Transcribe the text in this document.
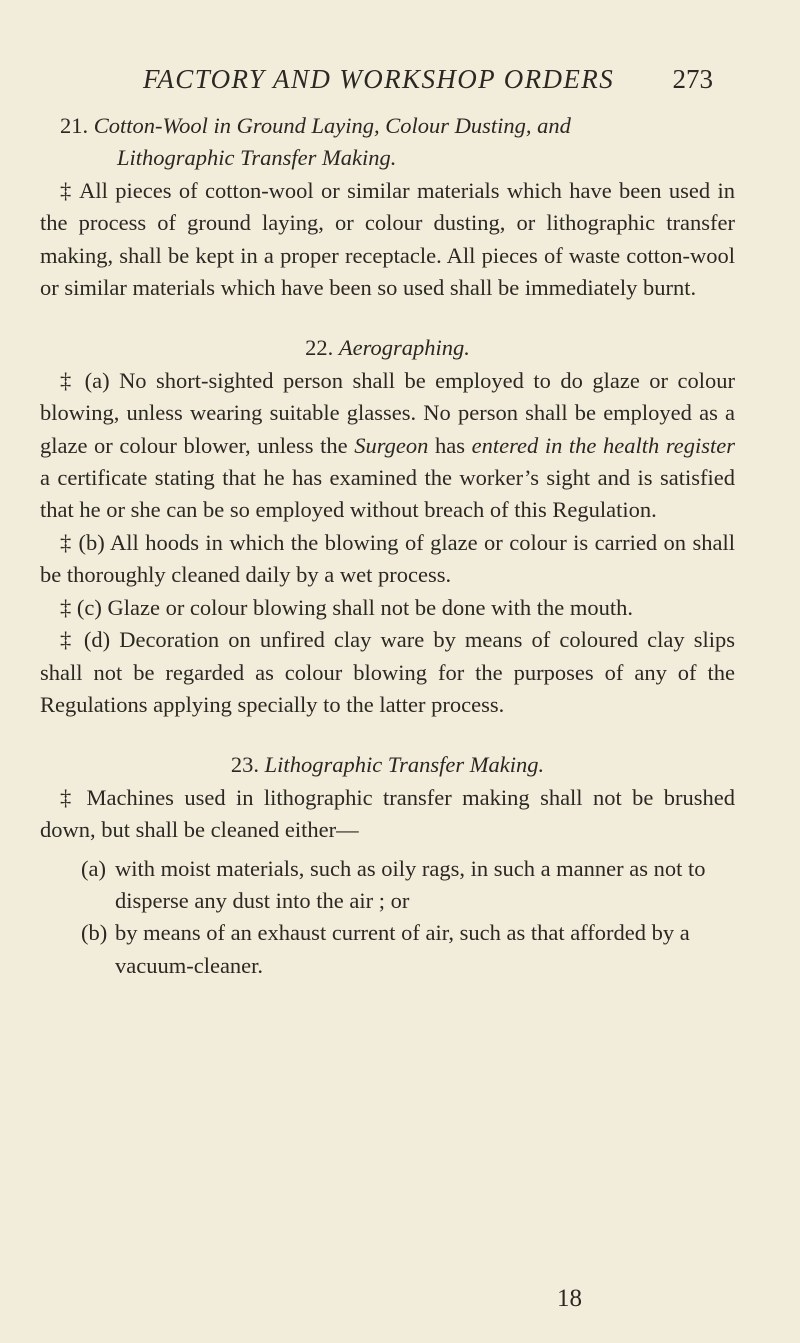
FACTORY AND WORKSHOP ORDERS 273

21. Cotton-Wool in Ground Laying, Colour Dusting, and
Lithographic Transfer Making.

‡ All pieces of cotton-wool or similar materials which have been used in the process of ground laying, or colour dusting, or lithographic transfer making, shall be kept in a proper receptacle. All pieces of waste cotton-wool or similar materials which have been so used shall be immediately burnt.

22. Aerographing.

‡ (a) No short-sighted person shall be employed to do glaze or colour blowing, unless wearing suitable glasses. No person shall be employed as a glaze or colour blower, unless the Surgeon has entered in the health register a certificate stating that he has examined the worker’s sight and is satisfied that he or she can be so employed without breach of this Regulation.

‡ (b) All hoods in which the blowing of glaze or colour is carried on shall be thoroughly cleaned daily by a wet process.

‡ (c) Glaze or colour blowing shall not be done with the mouth.

‡ (d) Decoration on unfired clay ware by means of coloured clay slips shall not be regarded as colour blowing for the purposes of any of the Regulations applying specially to the latter process.

23. Lithographic Transfer Making.

‡ Machines used in lithographic transfer making shall not be brushed down, but shall be cleaned either—

(a) with moist materials, such as oily rags, in such a manner as not to disperse any dust into the air ; or

(b) by means of an exhaust current of air, such as that afforded by a vacuum-cleaner.

18
